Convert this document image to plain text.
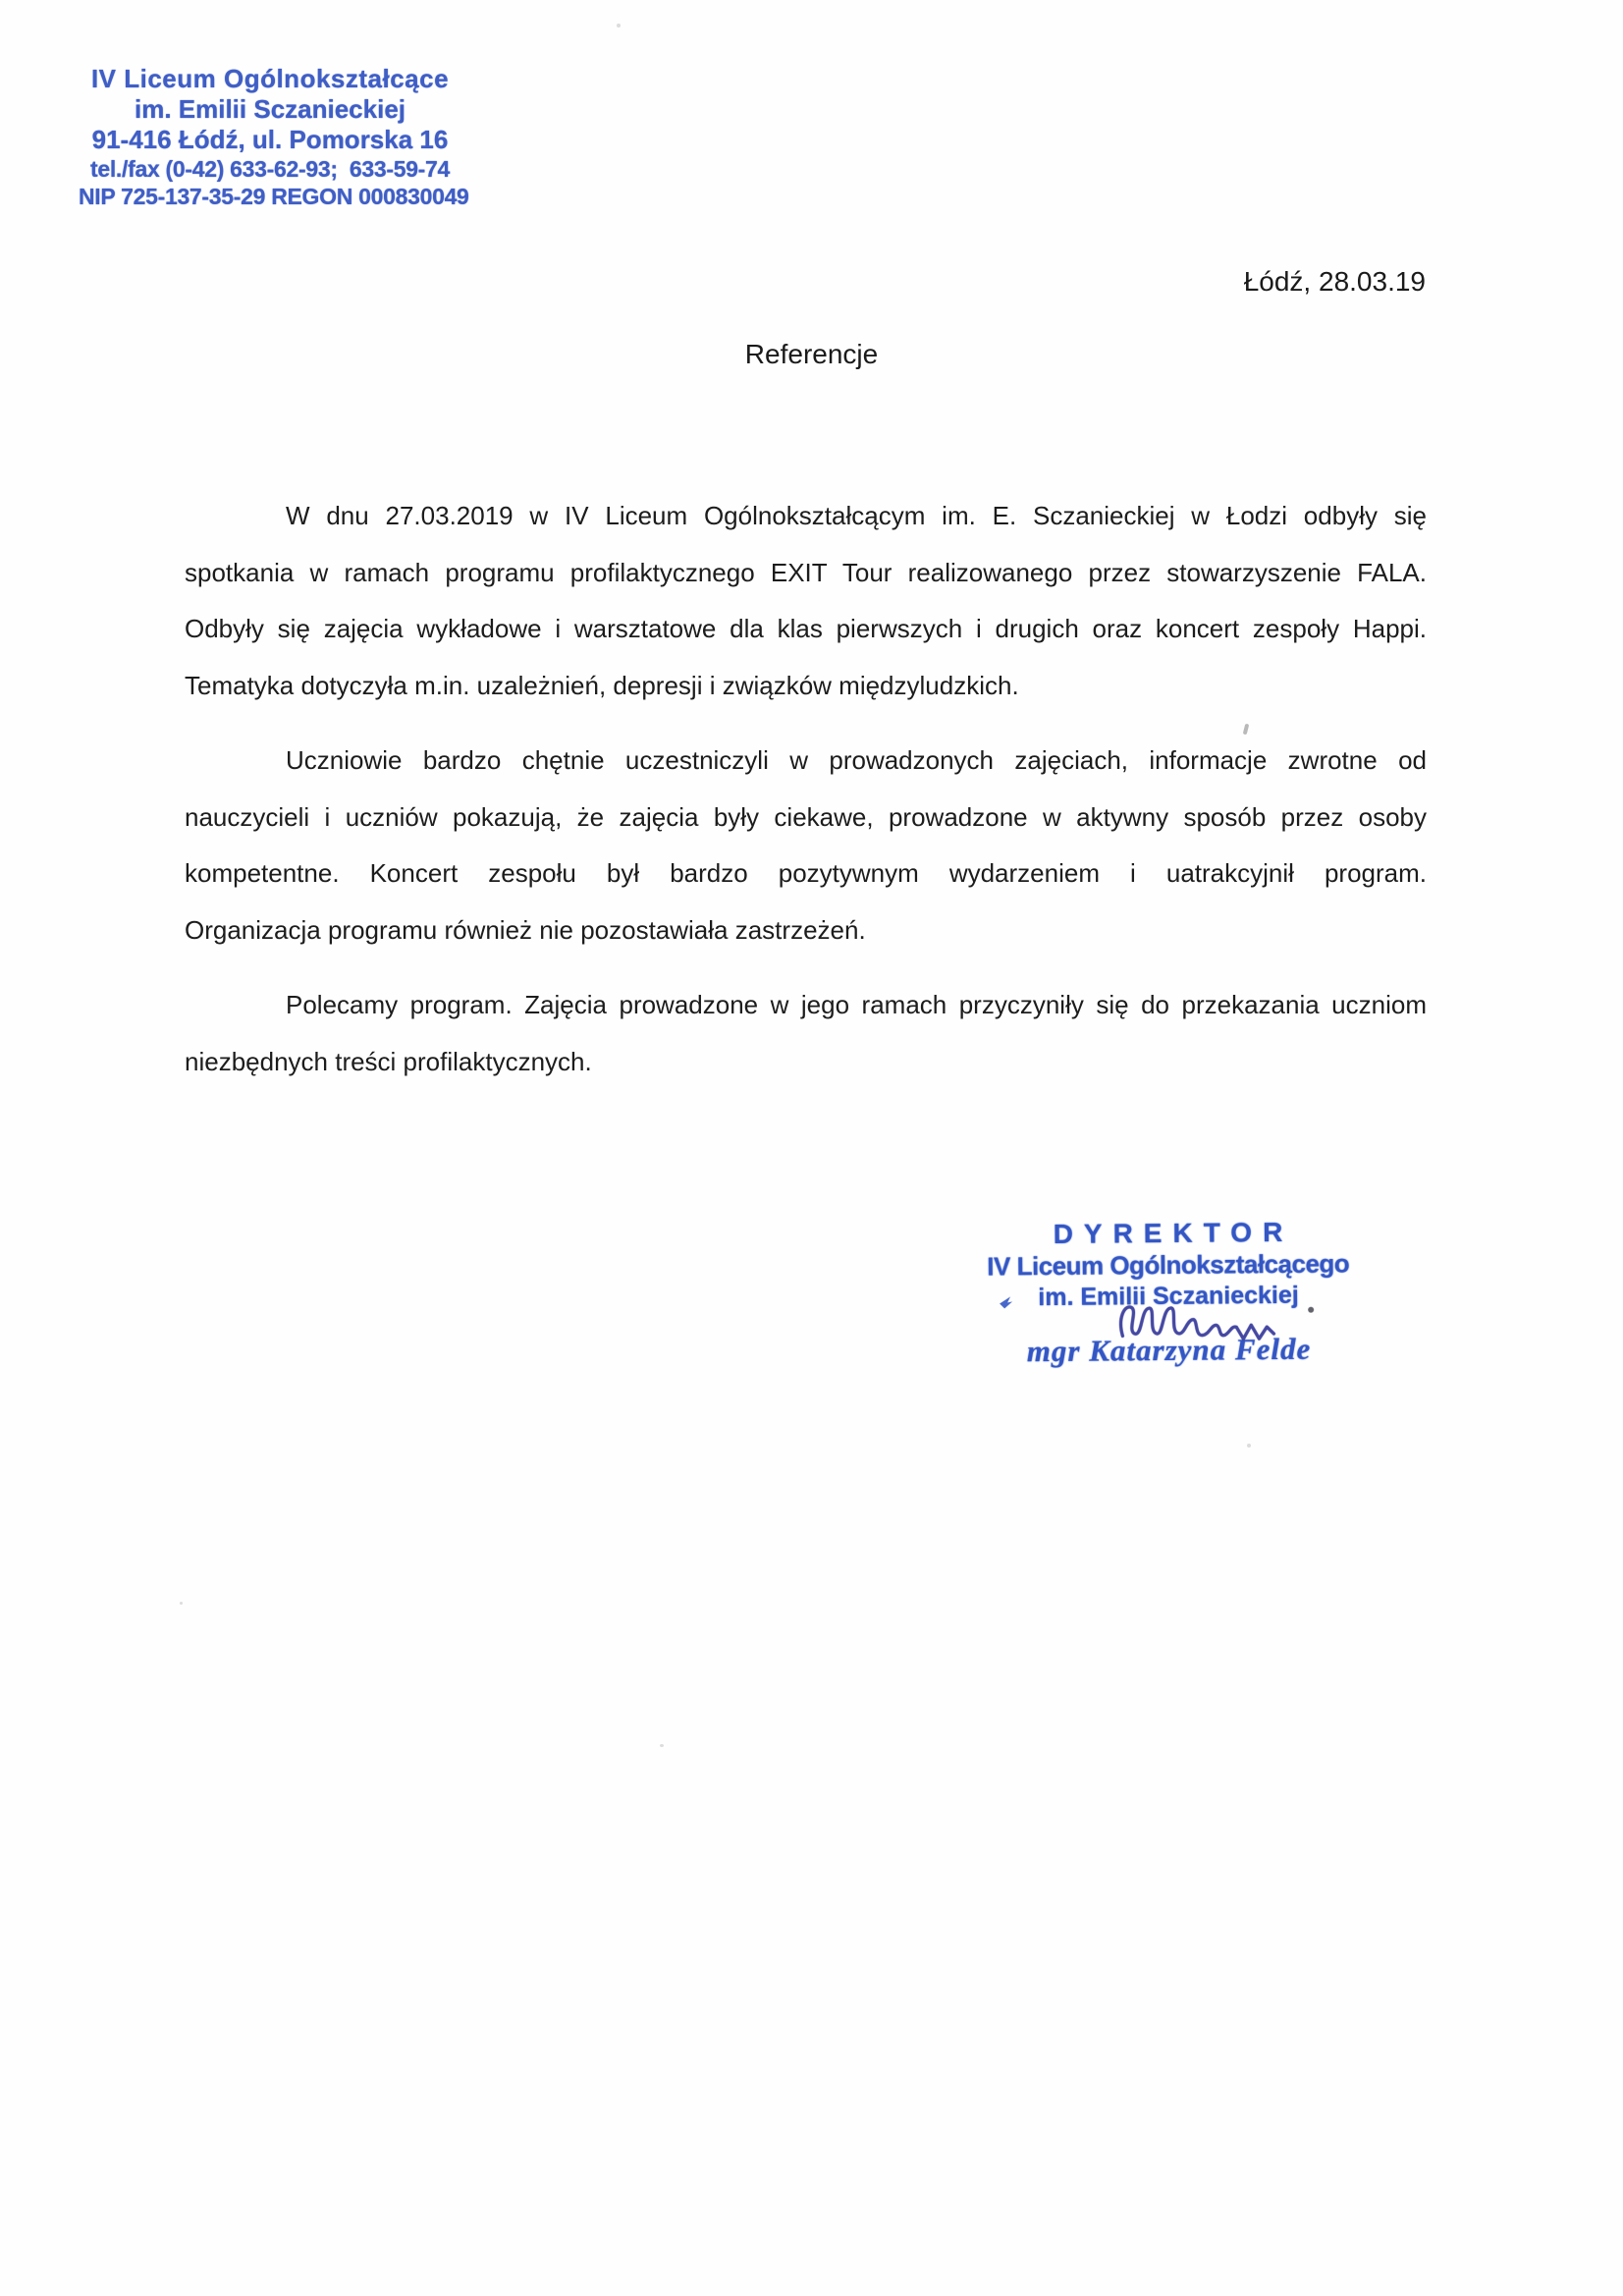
IV Liceum Ogólnokształcące
im. Emilii Sczanieckiej
91-416 Łódź, ul. Pomorska 16
tel./fax (0-42) 633-62-93;  633-59-74
NIP 725-137-35-29 REGON 000830049
Łódź, 28.03.19
Referencje
W dnu 27.03.2019 w IV Liceum Ogólnokształcącym im. E. Sczanieckiej w Łodzi odbyły się
spotkania w ramach programu profilaktycznego EXIT Tour realizowanego przez stowarzyszenie FALA.
Odbyły się zajęcia wykładowe i warsztatowe dla klas pierwszych i drugich oraz koncert zespoły Happi.
Tematyka dotyczyła m.in. uzależnień, depresji i związków międzyludzkich.
Uczniowie bardzo chętnie uczestniczyli w prowadzonych zajęciach, informacje zwrotne od
nauczycieli i uczniów pokazują, że zajęcia były ciekawe, prowadzone w aktywny sposób przez osoby
kompetentne. Koncert zespołu był bardzo pozytywnym wydarzeniem i uatrakcyjnił program.
Organizacja programu również nie pozostawiała zastrzeżeń.
Polecamy program. Zajęcia prowadzone w jego ramach przyczyniły się do przekazania uczniom
niezbędnych treści profilaktycznych.
DYREKTOR
IV Liceum Ogólnokształcącego
im. Emilii Sczanieckiej
mgr Katarzyna Felde
